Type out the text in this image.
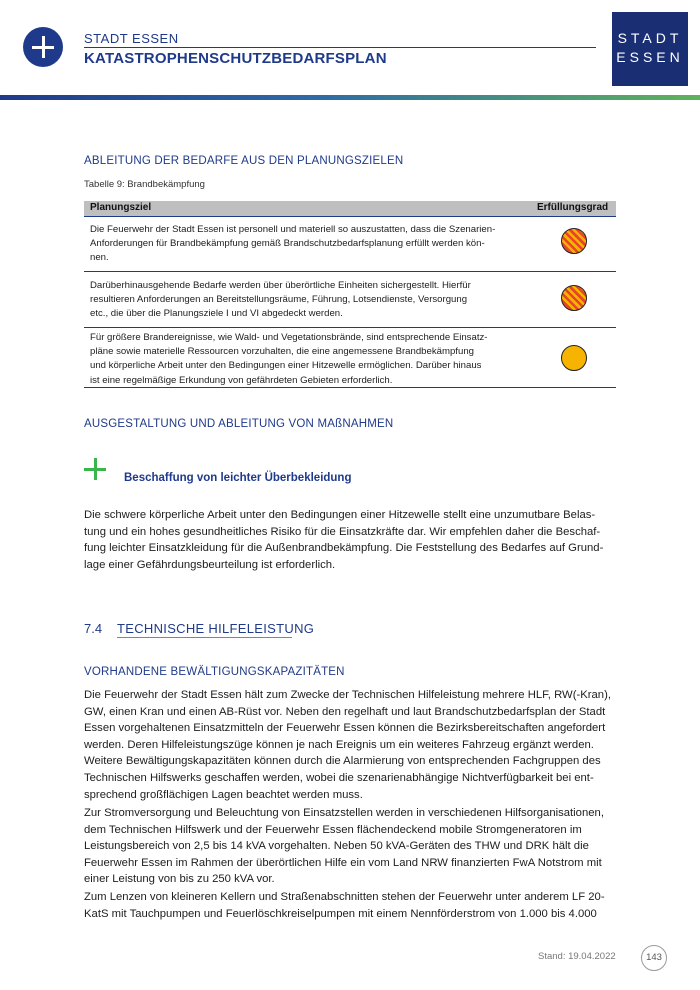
STADT ESSEN
KATASTROPHENSCHUTZBEDARFSPLAN
STADT
ESSEN
ABLEITUNG DER BEDARFE AUS DEN PLANUNGSZIELEN
Tabelle 9: Brandbekämpfung
Planungsziel	Erfüllungsgrad
Die Feuerwehr der Stadt Essen ist personell und materiell so auszustatten, dass die Szenarien-
Anforderungen für Brandbekämpfung gemäß Brandschutzbedarfsplanung erfüllt werden kön-
nen.
Darüberhinausgehende Bedarfe werden über überörtliche Einheiten sichergestellt. Hierfür
resultieren Anforderungen an Bereitstellungsräume, Führung, Lotsendienste, Versorgung
etc., die über die Planungsziele I und VI abgedeckt werden.
Für größere Brandereignisse, wie Wald- und Vegetationsbrände, sind entsprechende Einsatz-
pläne sowie materielle Ressourcen vorzuhalten, die eine angemessene Brandbekämpfung
und körperliche Arbeit unter den Bedingungen einer Hitzewelle ermöglichen. Darüber hinaus
ist eine regelmäßige Erkundung von gefährdeten Gebieten erforderlich.
AUSGESTALTUNG UND ABLEITUNG VON MAßNAHMEN
Beschaffung von leichter Überbekleidung
Die schwere körperliche Arbeit unter den Bedingungen einer Hitzewelle stellt eine unzumutbare Belas-
tung und ein hohes gesundheitliches Risiko für die Einsatzkräfte dar. Wir empfehlen daher die Beschaf-
fung leichter Einsatzkleidung für die Außenbrandbekämpfung. Die Feststellung des Bedarfes auf Grund-
lage einer Gefährdungsbeurteilung ist erforderlich.
7.4 TECHNISCHE HILFELEISTUNG
VORHANDENE BEWÄLTIGUNGSKAPAZITÄTEN
Die Feuerwehr der Stadt Essen hält zum Zwecke der Technischen Hilfeleistung mehrere HLF, RW(-Kran),
GW, einen Kran und einen AB-Rüst vor. Neben den regelhaft und laut Brandschutzbedarfsplan der Stadt
Essen vorgehaltenen Einsatzmitteln der Feuerwehr Essen können die Bezirksbereitschaften angefordert
werden. Deren Hilfeleistungszüge können je nach Ereignis um ein weiteres Fahrzeug ergänzt werden.
Weitere Bewältigungskapazitäten können durch die Alarmierung von entsprechenden Fachgruppen des
Technischen Hilfswerks geschaffen werden, wobei die szenarienabhängige Nichtverfügbarkeit bei ent-
sprechend großflächigen Lagen beachtet werden muss.
Zur Stromversorgung und Beleuchtung von Einsatzstellen werden in verschiedenen Hilfsorganisationen,
dem Technischen Hilfswerk und der Feuerwehr Essen flächendeckend mobile Stromgeneratoren im
Leistungsbereich von 2,5 bis 14 kVA vorgehalten. Neben 50 kVA-Geräten des THW und DRK hält die
Feuerwehr Essen im Rahmen der überörtlichen Hilfe ein vom Land NRW finanzierten FwA Notstrom mit
einer Leistung von bis zu 250 kVA vor.
Zum Lenzen von kleineren Kellern und Straßenabschnitten stehen der Feuerwehr unter anderem LF 20-
KatS mit Tauchpumpen und Feuerlöschkreiselpumpen mit einem Nennförderstrom von 1.000 bis 4.000
Stand: 19.04.2022	143
